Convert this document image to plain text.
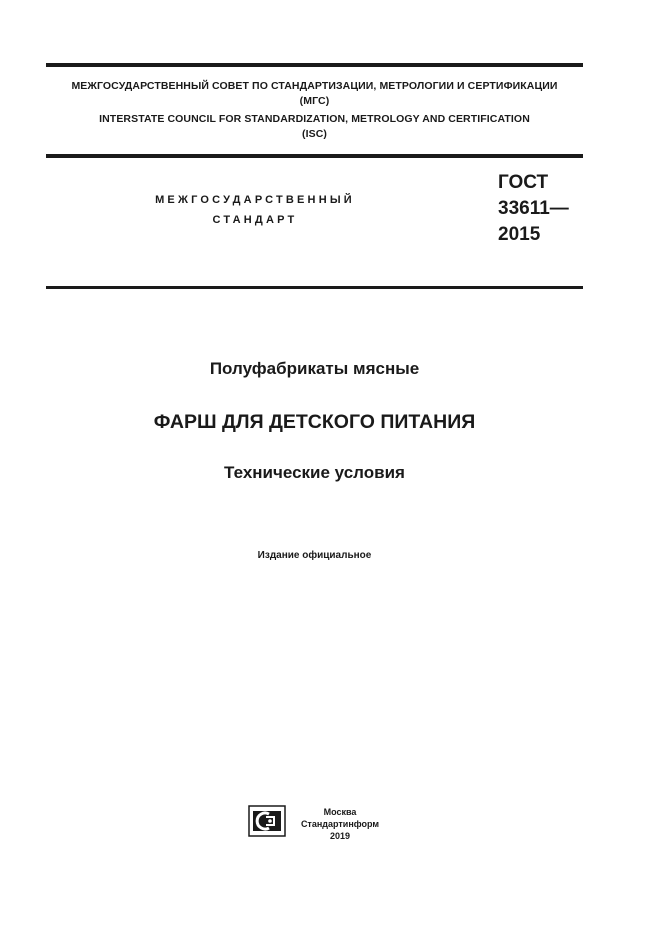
МЕЖГОСУДАРСТВЕННЫЙ СОВЕТ ПО СТАНДАРТИЗАЦИИ, МЕТРОЛОГИИ И СЕРТИФИКАЦИИ
(МГС)
INTERSTATE COUNCIL FOR STANDARDIZATION, METROLOGY AND CERTIFICATION
(ISC)
МЕЖГОСУДАРСТВЕННЫЙ
СТАНДАРТ
ГОСТ
33611—
2015
Полуфабрикаты мясные
ФАРШ ДЛЯ ДЕТСКОГО ПИТАНИЯ
Технические условия
Издание официальное
Москва
Стандартинформ
2019
